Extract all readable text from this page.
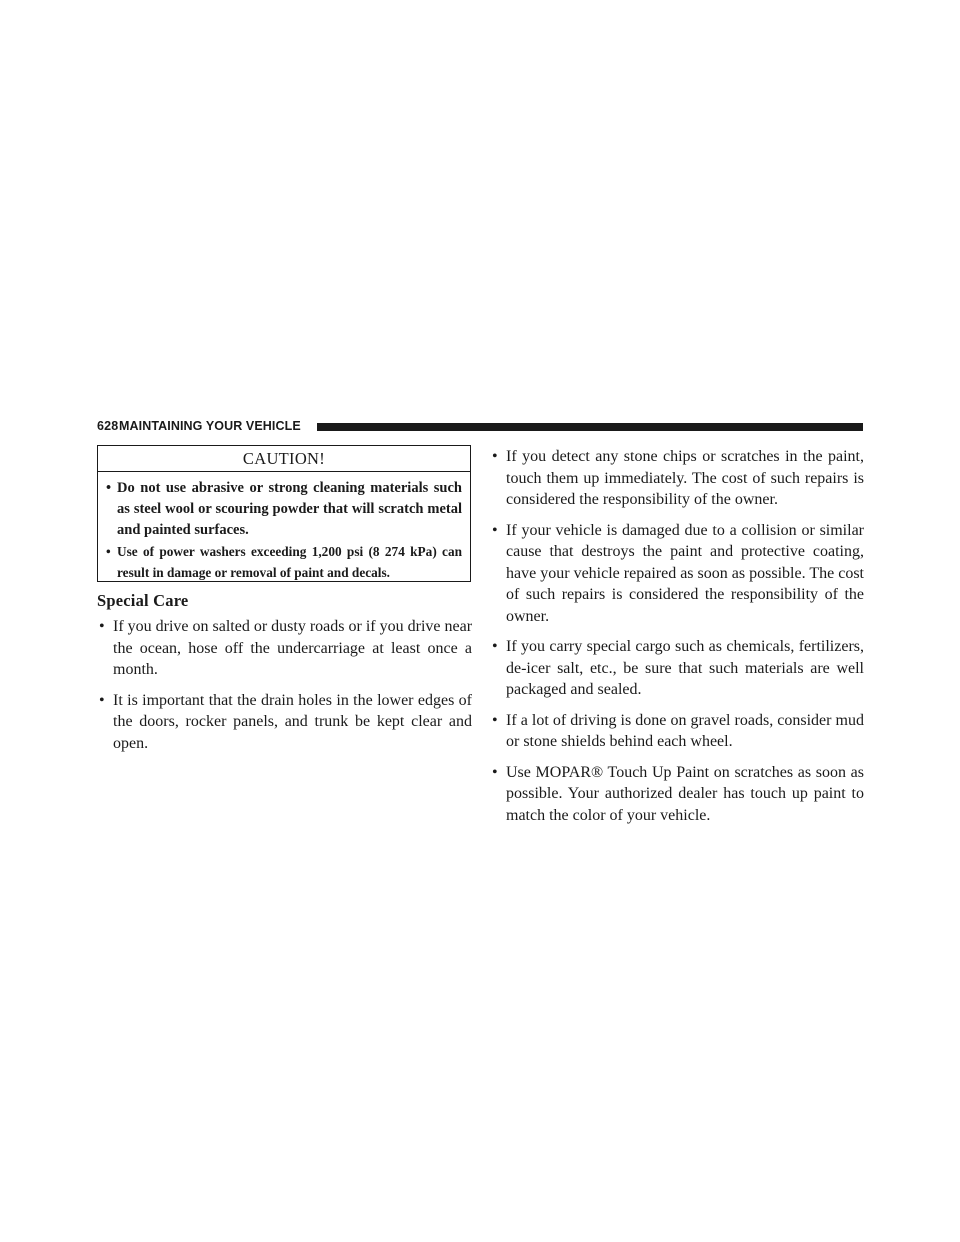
628 MAINTAINING YOUR VEHICLE
CAUTION!
• Do not use abrasive or strong cleaning materials such as steel wool or scouring powder that will scratch metal and painted surfaces.
• Use of power washers exceeding 1,200 psi (8 274 kPa) can result in damage or removal of paint and decals.
Special Care
• If you drive on salted or dusty roads or if you drive near the ocean, hose off the undercarriage at least once a month.
• It is important that the drain holes in the lower edges of the doors, rocker panels, and trunk be kept clear and open.
• If you detect any stone chips or scratches in the paint, touch them up immediately. The cost of such repairs is considered the responsibility of the owner.
• If your vehicle is damaged due to a collision or similar cause that destroys the paint and protective coating, have your vehicle repaired as soon as possible. The cost of such repairs is considered the responsibility of the owner.
• If you carry special cargo such as chemicals, fertilizers, de-icer salt, etc., be sure that such materials are well packaged and sealed.
• If a lot of driving is done on gravel roads, consider mud or stone shields behind each wheel.
• Use MOPAR® Touch Up Paint on scratches as soon as possible. Your authorized dealer has touch up paint to match the color of your vehicle.
